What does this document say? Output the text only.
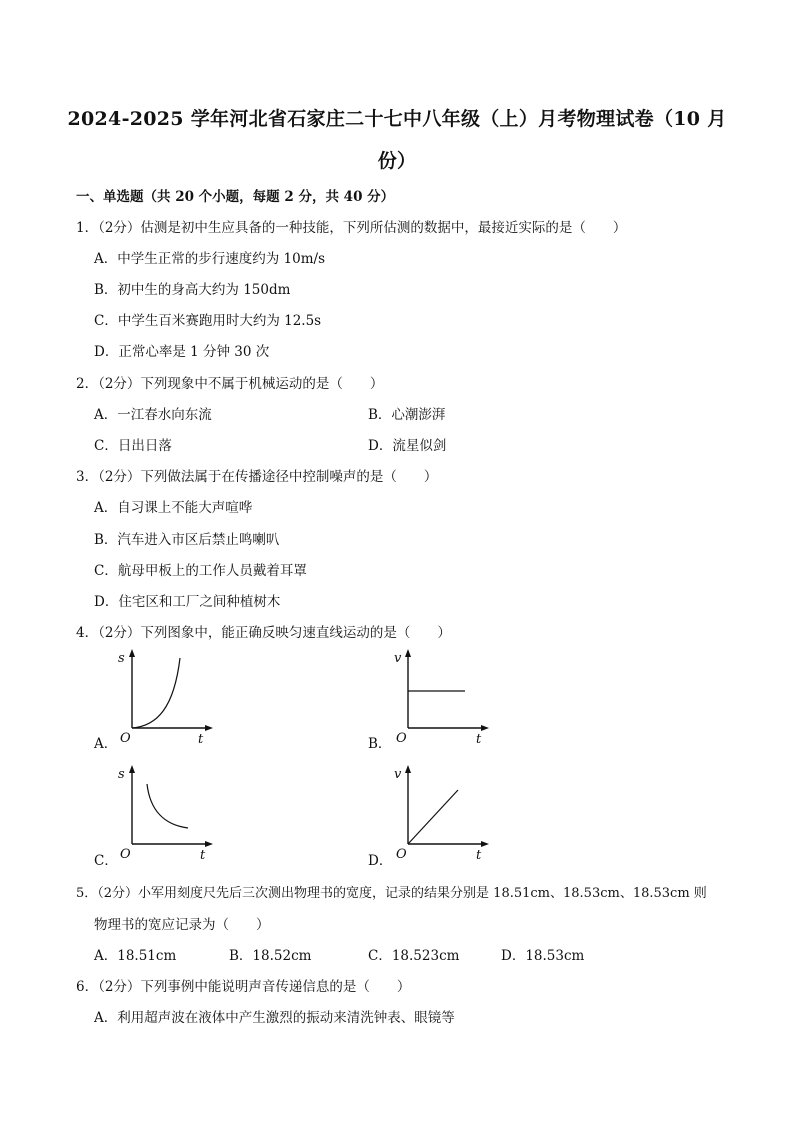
2024-2025 学年河北省石家庄二十七中八年级（上）月考物理试卷（10 月
份）
一、单选题（共 20 个小题，每题 2 分，共 40 分）
1．（2分）估测是初中生应具备的一种技能，下列所估测的数据中，最接近实际的是（　　）
A．中学生正常的步行速度约为 10m/s
B．初中生的身高大约为 150dm
C．中学生百米赛跑用时大约为 12.5s
D．正常心率是 1 分钟 30 次
2．（2分）下列现象中不属于机械运动的是（　　）
A．一江春水向东流	B．心潮澎湃
C．日出日落	D．流星似剑
3．（2分）下列做法属于在传播途径中控制噪声的是（　　）
A．自习课上不能大声喧哗
B．汽车进入市区后禁止鸣喇叭
C．航母甲板上的工作人员戴着耳罩
D．住宅区和工厂之间种植树木
4．（2分）下列图象中，能正确反映匀速直线运动的是（　　）
s
t
O
A．
v
t
O
B．
s
t
O
C．
v
t
O
D．
5．（2分）小军用刻度尺先后三次测出物理书的宽度，记录的结果分别是 18.51cm、18.53cm、18.53cm 则
物理书的宽应记录为（　　）
A．18.51cm	B．18.52cm	C．18.523cm	D．18.53cm
6．（2分）下列事例中能说明声音传递信息的是（　　）
A．利用超声波在液体中产生激烈的振动来清洗钟表、眼镜等
